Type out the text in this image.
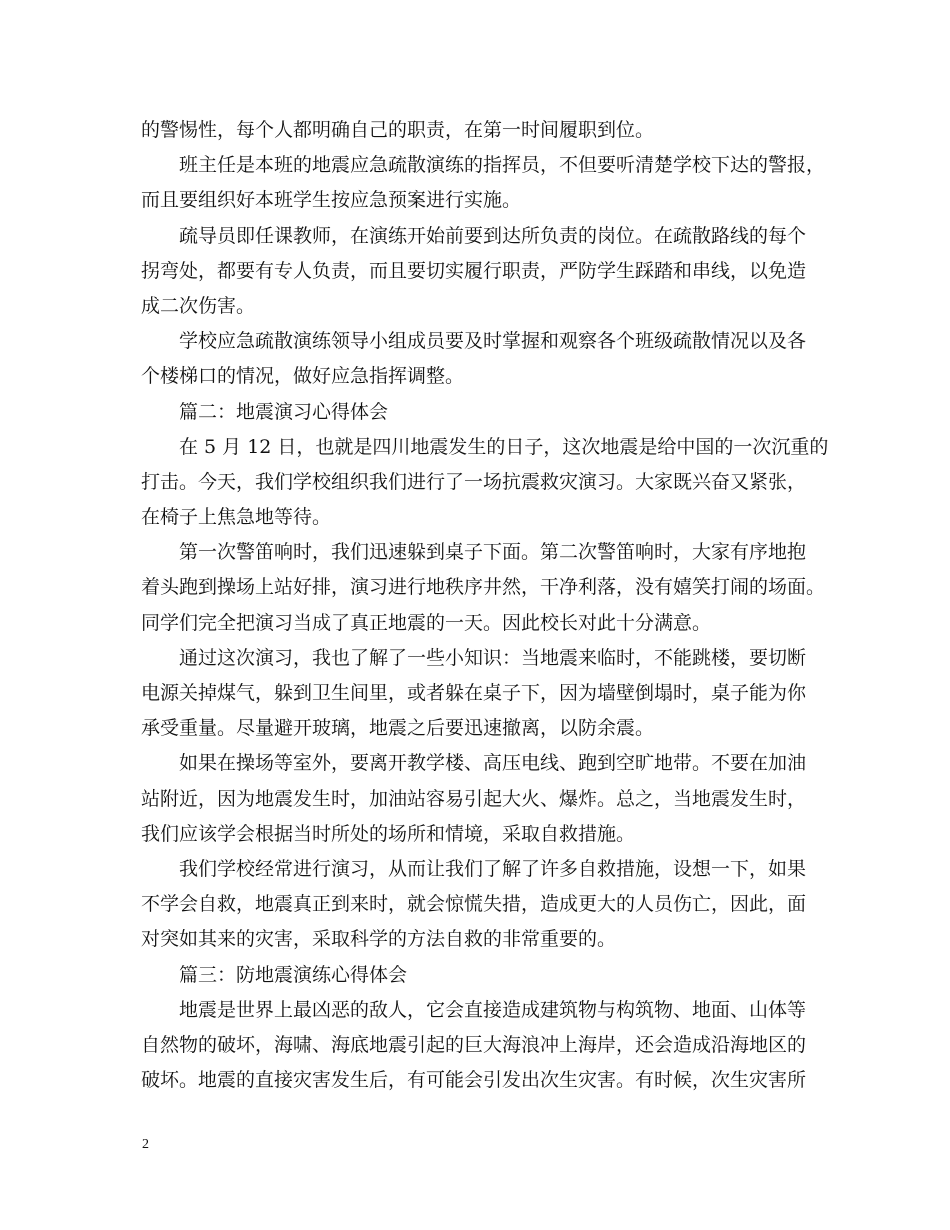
的警惕性，每个人都明确自己的职责，在第一时间履职到位。
班主任是本班的地震应急疏散演练的指挥员，不但要听清楚学校下达的警报，
而且要组织好本班学生按应急预案进行实施。
疏导员即任课教师，在演练开始前要到达所负责的岗位。在疏散路线的每个
拐弯处，都要有专人负责，而且要切实履行职责，严防学生踩踏和串线，以免造
成二次伤害。
学校应急疏散演练领导小组成员要及时掌握和观察各个班级疏散情况以及各
个楼梯口的情况，做好应急指挥调整。
篇二：地震演习心得体会
在 5 月 12 日，也就是四川地震发生的日子，这次地震是给中国的一次沉重的
打击。今天，我们学校组织我们进行了一场抗震救灾演习。大家既兴奋又紧张，
在椅子上焦急地等待。
第一次警笛响时，我们迅速躲到桌子下面。第二次警笛响时，大家有序地抱
着头跑到操场上站好排，演习进行地秩序井然，干净利落，没有嬉笑打闹的场面。
同学们完全把演习当成了真正地震的一天。因此校长对此十分满意。
通过这次演习，我也了解了一些小知识：当地震来临时，不能跳楼，要切断
电源关掉煤气，躲到卫生间里，或者躲在桌子下，因为墙壁倒塌时，桌子能为你
承受重量。尽量避开玻璃，地震之后要迅速撤离，以防余震。
如果在操场等室外，要离开教学楼、高压电线、跑到空旷地带。不要在加油
站附近，因为地震发生时，加油站容易引起大火、爆炸。总之，当地震发生时，
我们应该学会根据当时所处的场所和情境，采取自救措施。
我们学校经常进行演习，从而让我们了解了许多自救措施，设想一下，如果
不学会自救，地震真正到来时，就会惊慌失措，造成更大的人员伤亡，因此，面
对突如其来的灾害，采取科学的方法自救的非常重要的。
篇三：防地震演练心得体会
地震是世界上最凶恶的敌人，它会直接造成建筑物与构筑物、地面、山体等
自然物的破坏，海啸、海底地震引起的巨大海浪冲上海岸，还会造成沿海地区的
破坏。地震的直接灾害发生后，有可能会引发出次生灾害。有时候，次生灾害所
2
